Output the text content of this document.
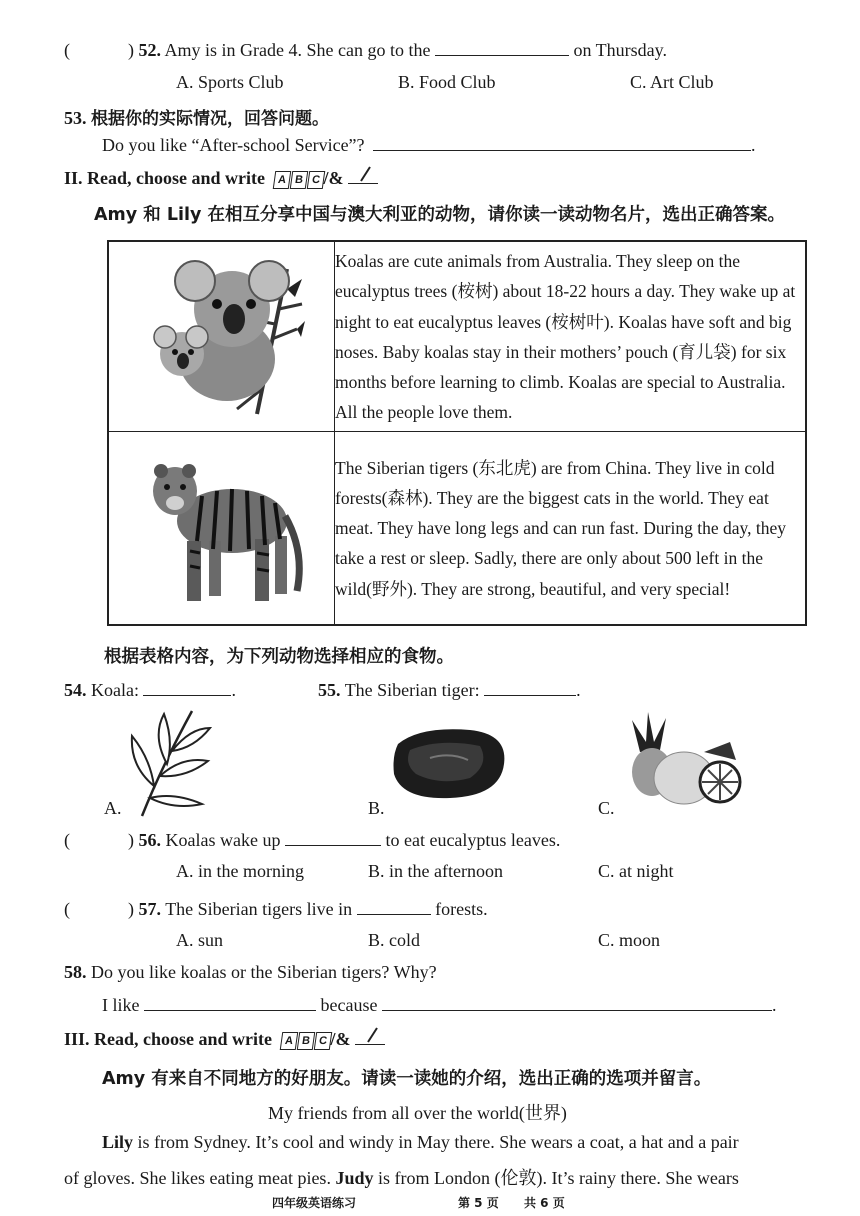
(	) 52. Amy is in Grade 4. She can go to the	on Thursday.
A. Sports Club	B. Food Club	C. Art Club
53. 根据你的实际情况，回答问题。
Do you like “After-school Service”?	.
II. Read, choose and write	A B C /&
Amy 和 Lily 在相互分享中国与澳大利亚的动物，请你读一读动物名片，选出正确答案。
	Koalas are cute animals from Australia. They sleep on the eucalyptus trees (桉树) about 18-22 hours a day. They wake up at night to eat eucalyptus leaves (桉树叶). Koalas have soft and big noses. Baby koalas stay in their mothers’ pouch (育儿袋) for six months before learning to climb. Koalas are special to Australia. All the people love them.
	The Siberian tigers (东北虎) are from China. They live in cold forests(森林). They are the biggest cats in the world. They eat meat. They have long legs and can run fast. During the day, they take a rest or sleep. Sadly, there are only about 500 left in the wild(野外). They are strong, beautiful, and very special!
根据表格内容，为下列动物选择相应的食物。
54. Koala:	.	55. The Siberian tiger:	.
A.	B.	C.
(	) 56. Koalas wake up	to eat eucalyptus leaves.
A. in the morning	B. in the afternoon	C. at night
(	) 57. The Siberian tigers live in	forests.
A. sun	B. cold	C. moon
58. Do you like koalas or the Siberian tigers? Why?
I like	because	.
III. Read, choose and write	A B C /&
Amy 有来自不同地方的好朋友。请读一读她的介绍，选出正确的选项并留言。
My friends from all over the world(世界)
Lily is from Sydney. It’s cool and windy in May there. She wears a coat, a hat and a pair
of gloves. She likes eating meat pies. Judy is from London (伦敦). It’s rainy there. She wears
四年级英语练习	第 5 页 共 6 页
